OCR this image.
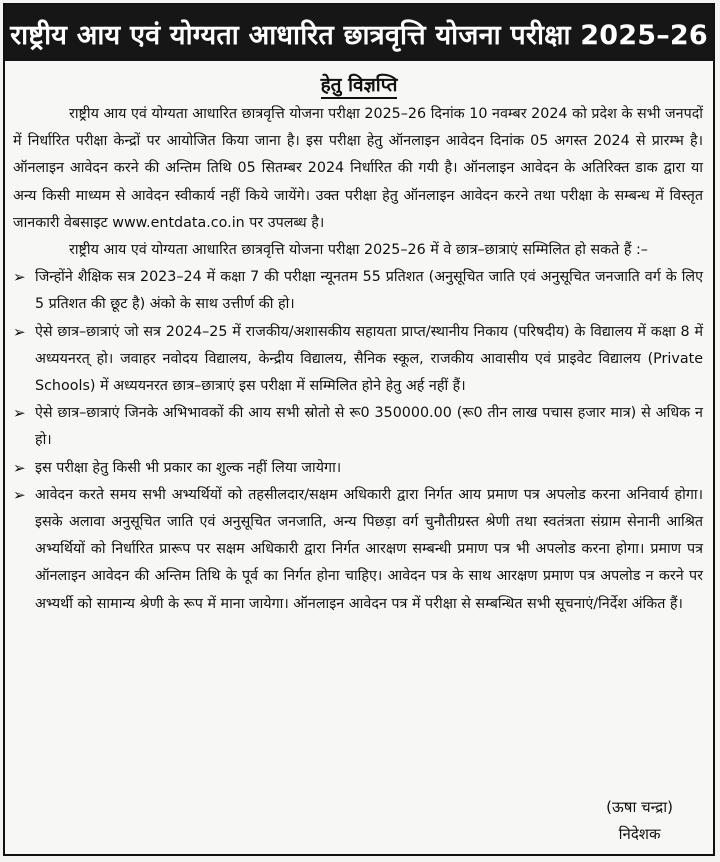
राष्ट्रीय आय एवं योग्यता आधारित छात्रवृत्ति योजना परीक्षा 2025–26
हेतु विज्ञप्ति

राष्ट्रीय आय एवं योग्यता आधारित छात्रवृत्ति योजना परीक्षा 2025–26 दिनांक 10 नवम्बर 2024 को प्रदेश के सभी जनपदों में निर्धारित परीक्षा केन्द्रों पर आयोजित किया जाना है। इस परीक्षा हेतु ऑनलाइन आवेदन दिनांक 05 अगस्त 2024 से प्रारम्भ है। ऑनलाइन आवेदन करने की अन्तिम तिथि 05 सितम्बर 2024 निर्धारित की गयी है। ऑनलाइन आवेदन के अतिरिक्त डाक द्वारा या अन्य किसी माध्यम से आवेदन स्वीकार्य नहीं किये जायेंगे। उक्त परीक्षा हेतु ऑनलाइन आवेदन करने तथा परीक्षा के सम्बन्ध में विस्तृत जानकारी वेबसाइट www.entdata.co.in पर उपलब्ध है।

राष्ट्रीय आय एवं योग्यता आधारित छात्रवृत्ति योजना परीक्षा 2025–26 में वे छात्र–छात्राएं सम्मिलित हो सकते हैं :–

➢ जिन्होंने शैक्षिक सत्र 2023–24 में कक्षा 7 की परीक्षा न्यूनतम 55 प्रतिशत (अनुसूचित जाति एवं अनुसूचित जनजाति वर्ग के लिए 5 प्रतिशत की छूट है) अंको के साथ उत्तीर्ण की हो।
➢ ऐसे छात्र–छात्राएं जो सत्र 2024–25 में राजकीय/अशासकीय सहायता प्राप्त/स्थानीय निकाय (परिषदीय) के विद्यालय में कक्षा 8 में अध्ययनरत् हो। जवाहर नवोदय विद्यालय, केन्द्रीय विद्यालय, सैनिक स्कूल, राजकीय आवासीय एवं प्राइवेट विद्यालय (Private Schools) में अध्ययनरत छात्र–छात्राएं इस परीक्षा में सम्मिलित होने हेतु अर्ह नहीं हैं।
➢ ऐसे छात्र–छात्राएं जिनके अभिभावकों की आय सभी स्रोतो से रू0 350000.00 (रू0 तीन लाख पचास हजार मात्र) से अधिक न हो।
➢ इस परीक्षा हेतु किसी भी प्रकार का शुल्क नहीं लिया जायेगा।
➢ आवेदन करते समय सभी अभ्यर्थियों को तहसीलदार/सक्षम अधिकारी द्वारा निर्गत आय प्रमाण पत्र अपलोड करना अनिवार्य होगा। इसके अलावा अनुसूचित जाति एवं अनुसूचित जनजाति, अन्य पिछड़ा वर्ग चुनौतीग्रस्त श्रेणी तथा स्वतंत्रता संग्राम सेनानी आश्रित अभ्यर्थियों को निर्धारित प्रारूप पर सक्षम अधिकारी द्वारा निर्गत आरक्षण सम्बन्धी प्रमाण पत्र भी अपलोड करना होगा। प्रमाण पत्र ऑनलाइन आवेदन की अन्तिम तिथि के पूर्व का निर्गत होना चाहिए। आवेदन पत्र के साथ आरक्षण प्रमाण पत्र अपलोड न करने पर अभ्यर्थी को सामान्य श्रेणी के रूप में माना जायेगा। ऑनलाइन आवेदन पत्र में परीक्षा से सम्बन्धित सभी सूचनाएं/निर्देश अंकित हैं।
(ऊषा चन्द्रा)
निदेशक
